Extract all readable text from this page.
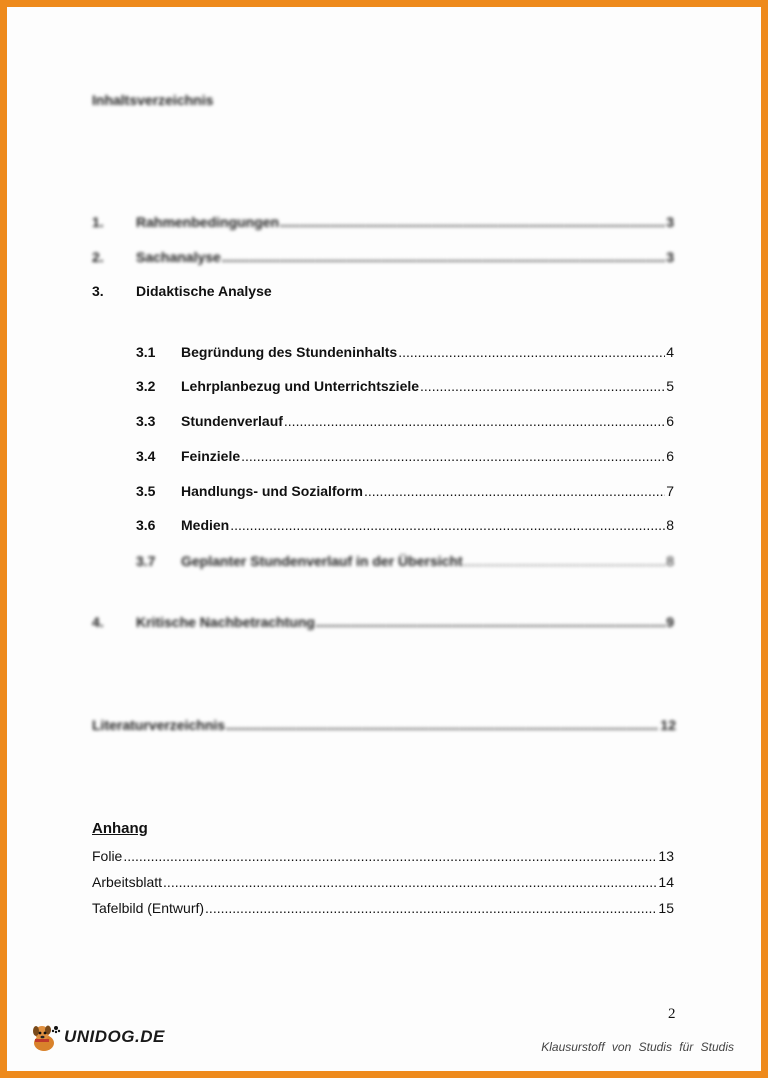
Inhaltsverzeichnis
1.	Rahmenbedingungen .....	3
2.	Sachanalyse .....	3
3.	Didaktische Analyse
3.1	Begründung des Stundeninhalts .....	4
3.2	Lehrplanbezug und Unterrichtsziele .....	5
3.3	Stundenverlauf .....	6
3.4	Feinziele .....	6
3.5	Handlungs- und Sozialform .....	7
3.6	Medien .....	8
3.7	Geplanter Stundenverlauf in der Übersicht .....	8
4.	Kritische Nachbetrachtung .....	9
Literaturverzeichnis .....	12
Anhang
Folie .....	13
Arbeitsblatt .....	14
Tafelbild (Entwurf) .....	15
2
UNIDOG.DE
Klausurstoff von Studis für Studis
